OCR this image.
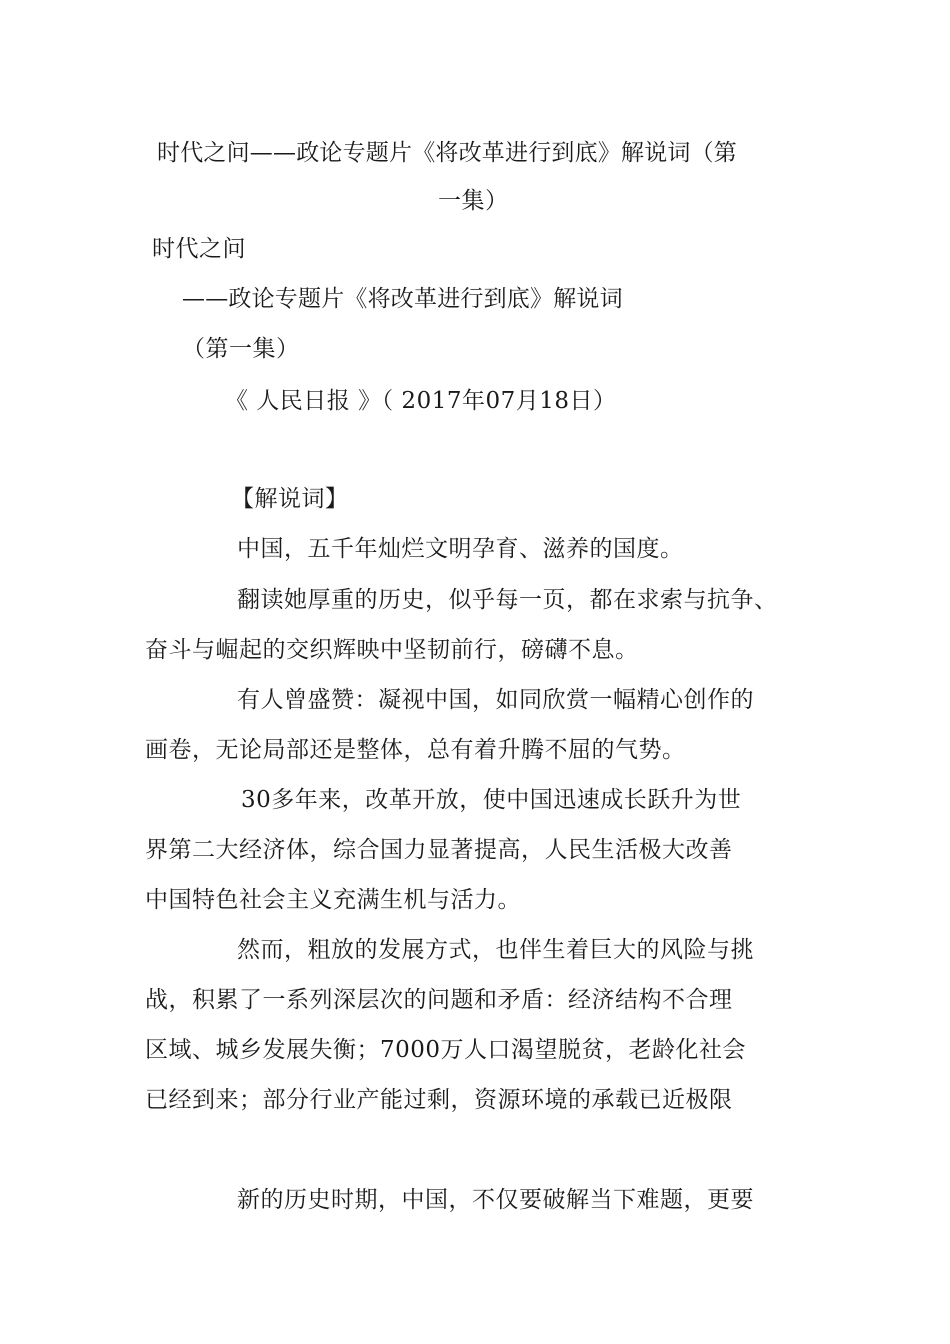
时代之问——政论专题片《将改革进行到底》解说词（第
一集）
时代之问
——政论专题片《将改革进行到底》解说词
（第一集）
《 人民日报 》（ 2017年07月18日）
【解说词】
中国，五千年灿烂文明孕育、滋养的国度。
翻读她厚重的历史，似乎每一页，都在求索与抗争、
奋斗与崛起的交织辉映中坚韧前行，磅礴不息。
有人曾盛赞：凝视中国，如同欣赏一幅精心创作的
画卷，无论局部还是整体，总有着升腾不屈的气势。
30多年来，改革开放，使中国迅速成长跃升为世
界第二大经济体，综合国力显著提高，人民生活极大改善
中国特色社会主义充满生机与活力。
然而，粗放的发展方式，也伴生着巨大的风险与挑
战，积累了一系列深层次的问题和矛盾：经济结构不合理
区域、城乡发展失衡；7000万人口渴望脱贫，老龄化社会
已经到来；部分行业产能过剩，资源环境的承载已近极限
新的历史时期，中国，不仅要破解当下难题，更要
